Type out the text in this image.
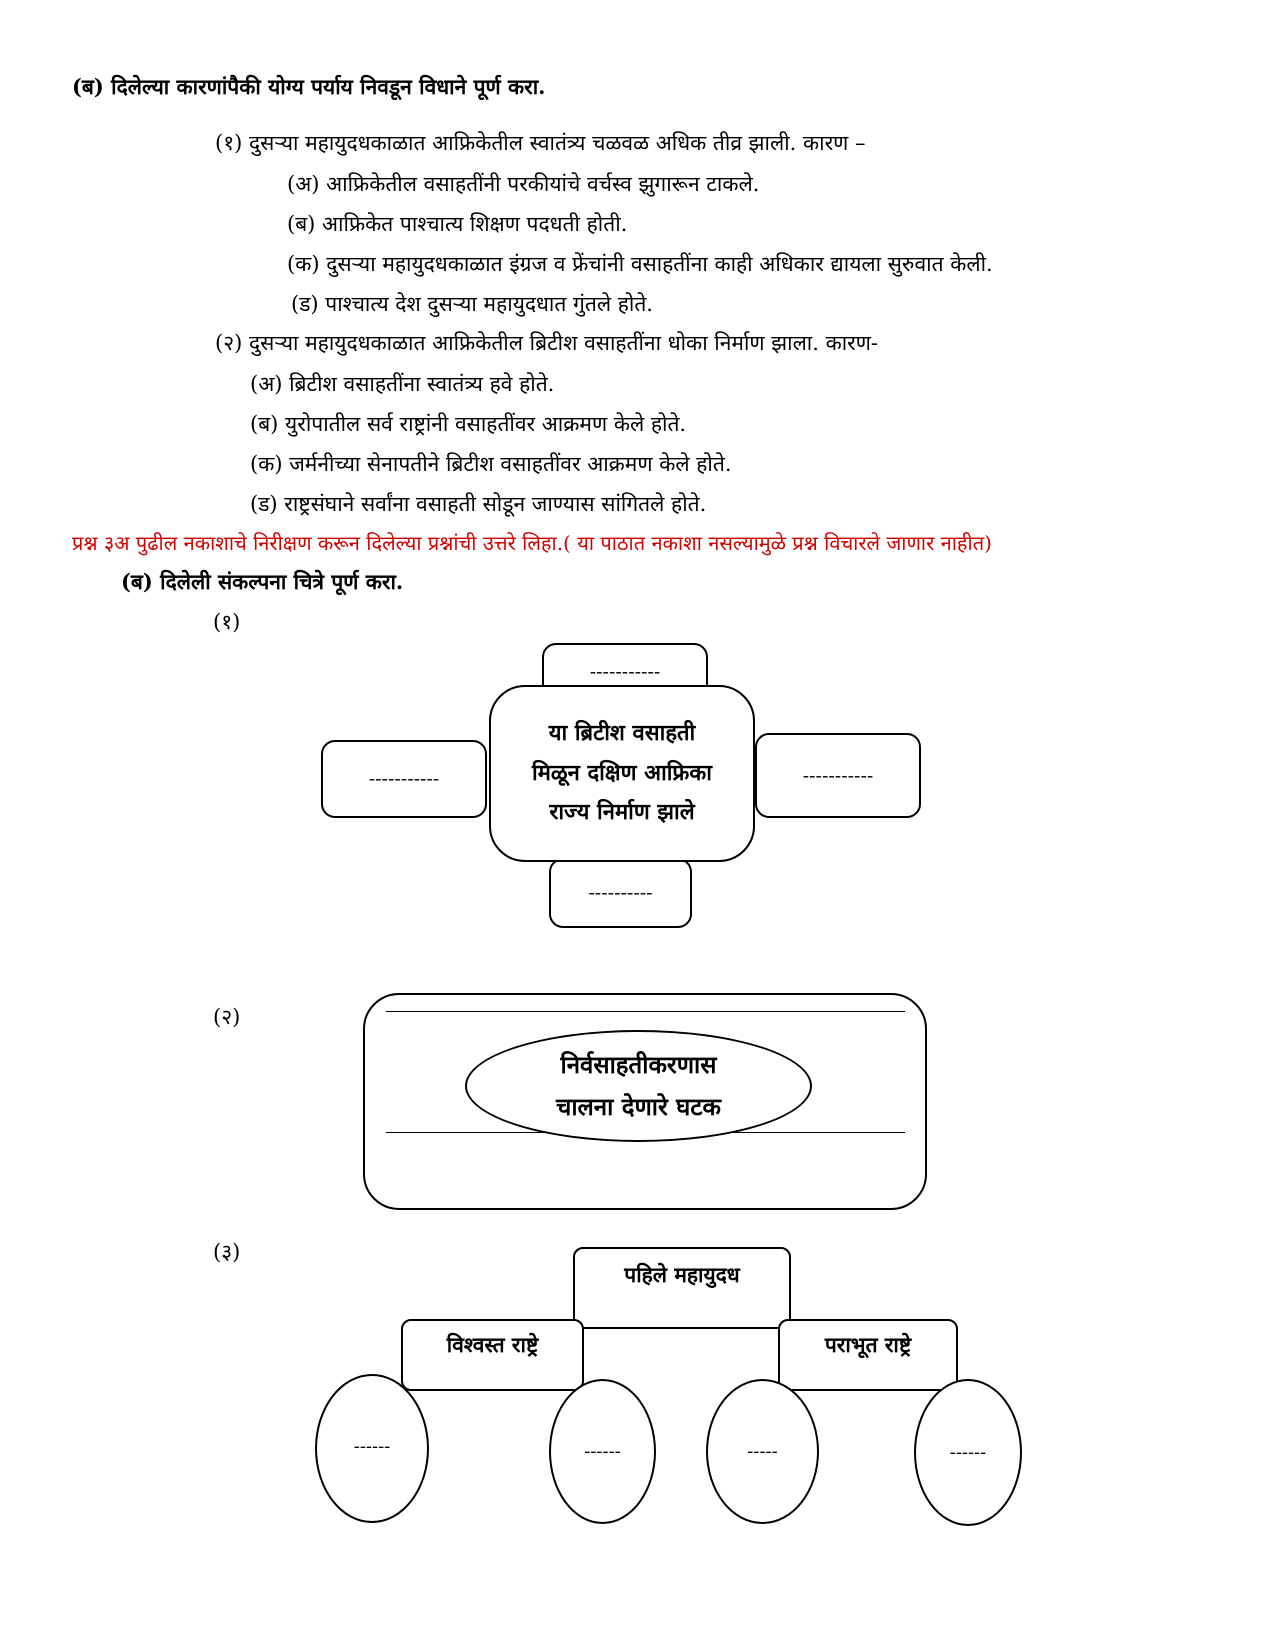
(ब) दिलेल्या कारणांपैकी योग्य पर्याय निवडून विधाने पूर्ण करा.
(१) दुसऱ्या महायुदधकाळात आफ्रिकेतील स्वातंत्र्य चळवळ अधिक तीव्र झाली. कारण –
(अ) आफ्रिकेतील वसाहतींनी परकीयांचे वर्चस्व झुगारून टाकले.
(ब) आफ्रिकेत पाश्चात्य शिक्षण पदधती होती.
(क) दुसऱ्या महायुदधकाळात इंग्रज व फ्रेंचांनी वसाहतींना काही अधिकार द्यायला सुरुवात केली.
(ड) पाश्चात्य देश दुसऱ्या महायुदधात गुंतले होते.
(२) दुसऱ्या महायुदधकाळात आफ्रिकेतील ब्रिटीश वसाहतींना धोका निर्माण झाला. कारण-
(अ) ब्रिटीश वसाहतींना स्वातंत्र्य हवे होते.
(ब) युरोपातील सर्व राष्ट्रांनी वसाहतींवर आक्रमण केले होते.
(क) जर्मनीच्या सेनापतीने ब्रिटीश वसाहतींवर आक्रमण केले होते.
(ड) राष्ट्रसंघाने सर्वांना वसाहती सोडून जाण्यास सांगितले होते.
प्रश्न ३अ पुढील नकाशाचे निरीक्षण करून दिलेल्या प्रश्नांची उत्तरे लिहा.( या पाठात नकाशा नसल्यामुळे प्रश्न विचारले जाणार नाहीत)
(ब) दिलेली संकल्पना चित्रे पूर्ण करा.
(१)
-----------
-----------	-----------
----------
या ब्रिटीश वसाहती
मिळून दक्षिण आफ्रिका
राज्य निर्माण झाले
(२)
निर्वसाहतीकरणास
चालना देणारे घटक
(३)
पहिले महायुदध
विश्वस्त राष्ट्रे	पराभूत राष्ट्रे
------	------	-----	------
